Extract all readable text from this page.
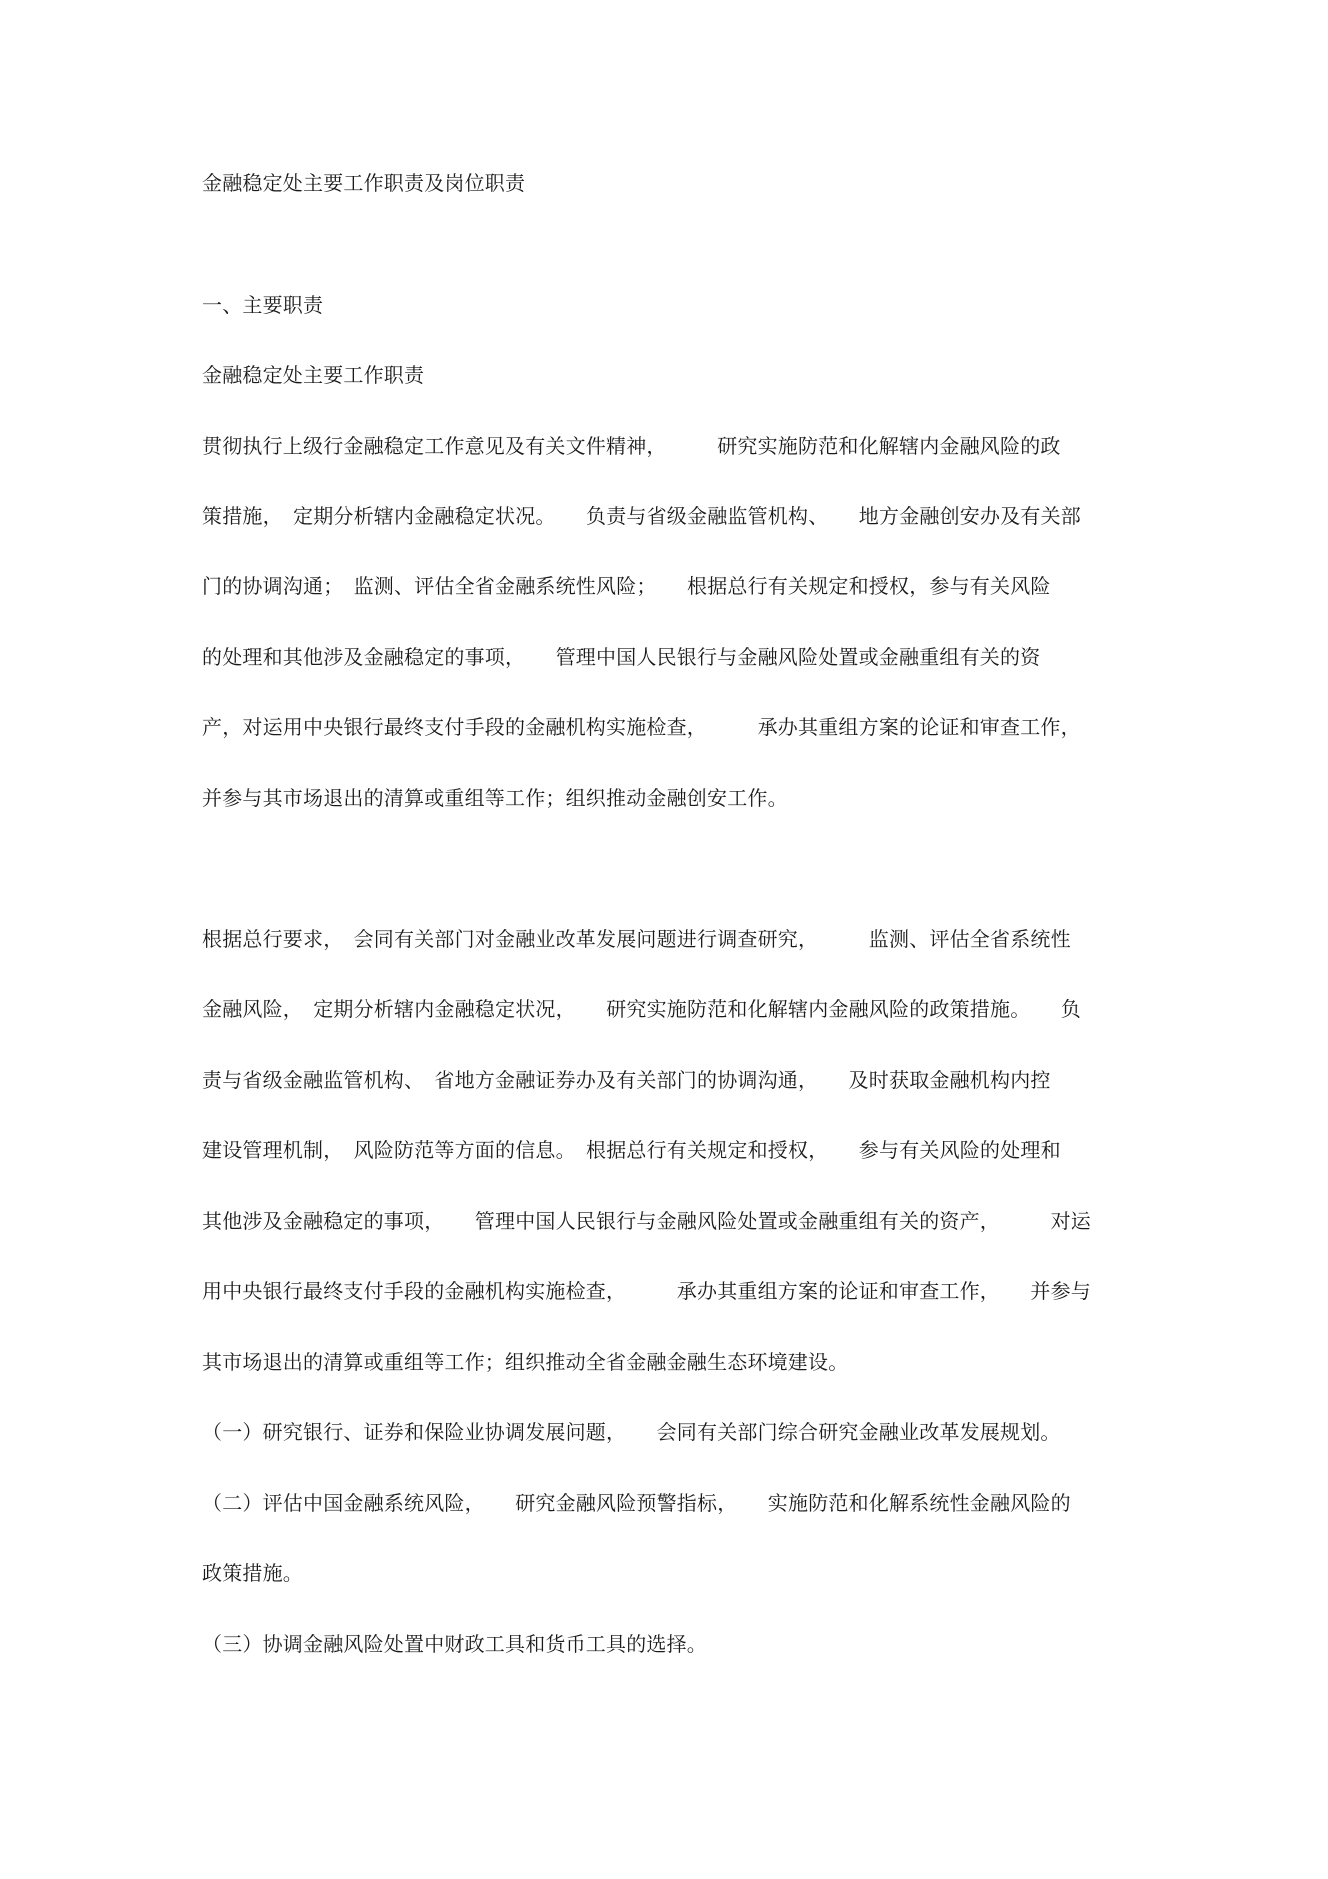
金融稳定处主要工作职责及岗位职责
一、主要职责
金融稳定处主要工作职责
贯彻执行上级行金融稳定工作意见及有关文件精神，　　　研究实施防范和化解辖内金融风险的政
策措施，　定期分析辖内金融稳定状况。　　负责与省级金融监管机构、　　地方金融创安办及有关部
门的协调沟通；　监测、评估全省金融系统性风险；　　根据总行有关规定和授权，参与有关风险
的处理和其他涉及金融稳定的事项，　　管理中国人民银行与金融风险处置或金融重组有关的资
产，对运用中央银行最终支付手段的金融机构实施检查，　　　承办其重组方案的论证和审查工作，
并参与其市场退出的清算或重组等工作；组织推动金融创安工作。
根据总行要求，　会同有关部门对金融业改革发展问题进行调查研究，　　　监测、评估全省系统性
金融风险，　定期分析辖内金融稳定状况，　　研究实施防范和化解辖内金融风险的政策措施。　　负
责与省级金融监管机构、　省地方金融证券办及有关部门的协调沟通，　　及时获取金融机构内控
建设管理机制，　风险防范等方面的信息。　根据总行有关规定和授权，　　参与有关风险的处理和
其他涉及金融稳定的事项，　　管理中国人民银行与金融风险处置或金融重组有关的资产，　　　对运
用中央银行最终支付手段的金融机构实施检查，　　　承办其重组方案的论证和审查工作，　　并参与
其市场退出的清算或重组等工作；组织推动全省金融金融生态环境建设。
（一）研究银行、证券和保险业协调发展问题，　　会同有关部门综合研究金融业改革发展规划。
（二）评估中国金融系统风险，　　研究金融风险预警指标，　　实施防范和化解系统性金融风险的
政策措施。
（三）协调金融风险处置中财政工具和货币工具的选择。
